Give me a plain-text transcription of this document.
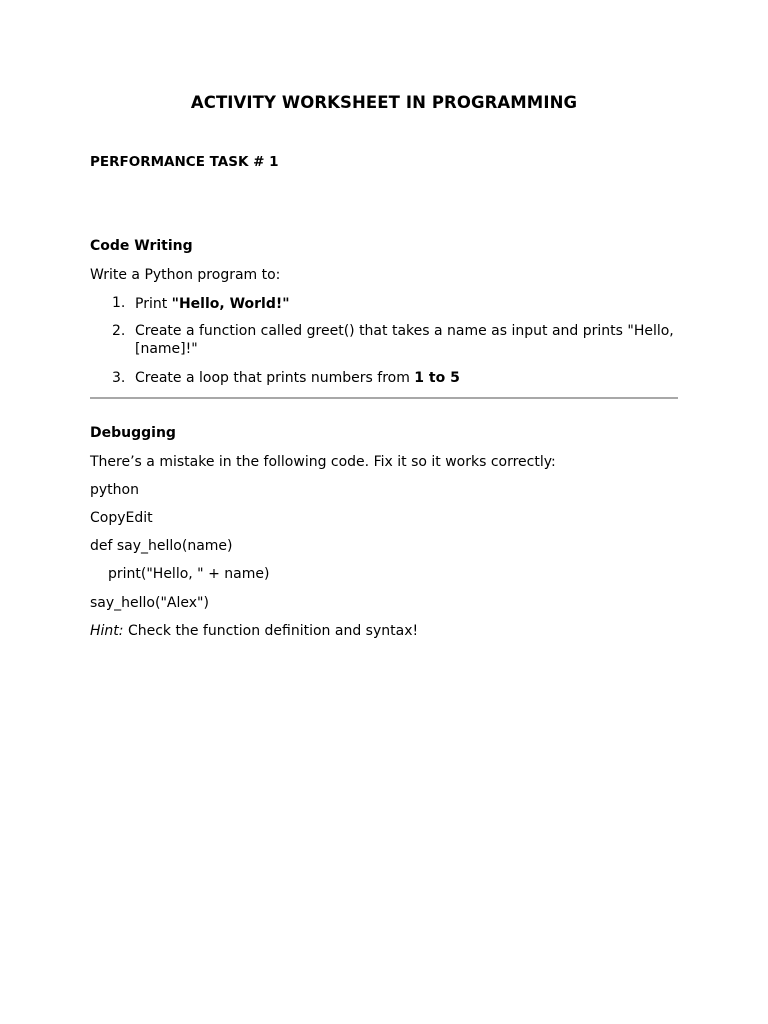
ACTIVITY WORKSHEET IN PROGRAMMING
PERFORMANCE TASK # 1
Code Writing
Write a Python program to:
1. Print "Hello, World!"
2. Create a function called greet() that takes a name as input and prints "Hello, [name]!"
3. Create a loop that prints numbers from 1 to 5
Debugging
There’s a mistake in the following code. Fix it so it works correctly:
python
CopyEdit
def say_hello(name)
print("Hello, " + name)
say_hello("Alex")
Hint: Check the function definition and syntax!
